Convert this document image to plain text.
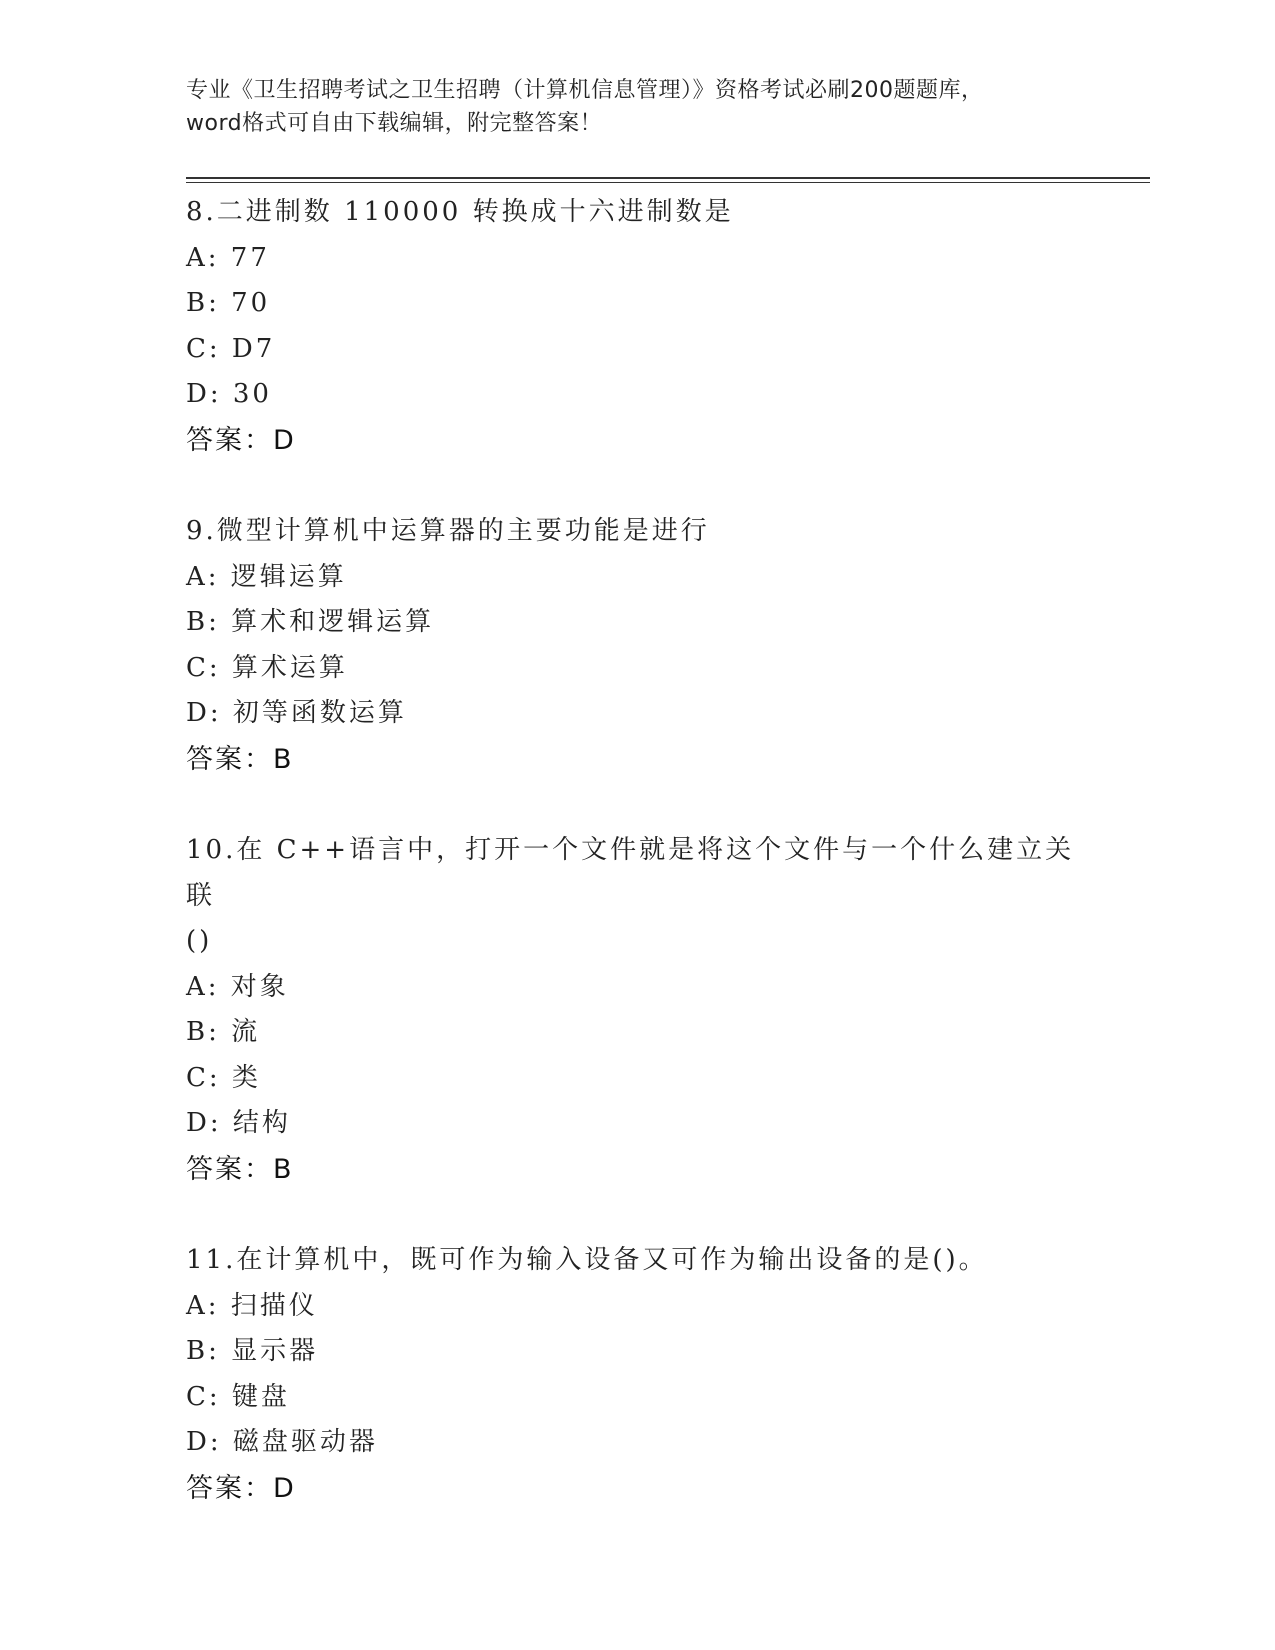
专业《卫生招聘考试之卫生招聘（计算机信息管理）》资格考试必刷200题题库，
word格式可自由下载编辑，附完整答案！
8.二进制数 110000 转换成十六进制数是
A: 77
B: 70
C: D7
D: 30
答案：D
9.微型计算机中运算器的主要功能是进行
A: 逻辑运算
B: 算术和逻辑运算
C: 算术运算
D: 初等函数运算
答案：B
10.在 C++语言中，打开一个文件就是将这个文件与一个什么建立关联
()
A: 对象
B: 流
C: 类
D: 结构
答案：B
11.在计算机中，既可作为输入设备又可作为输出设备的是()。
A: 扫描仪
B: 显示器
C: 键盘
D: 磁盘驱动器
答案：D
